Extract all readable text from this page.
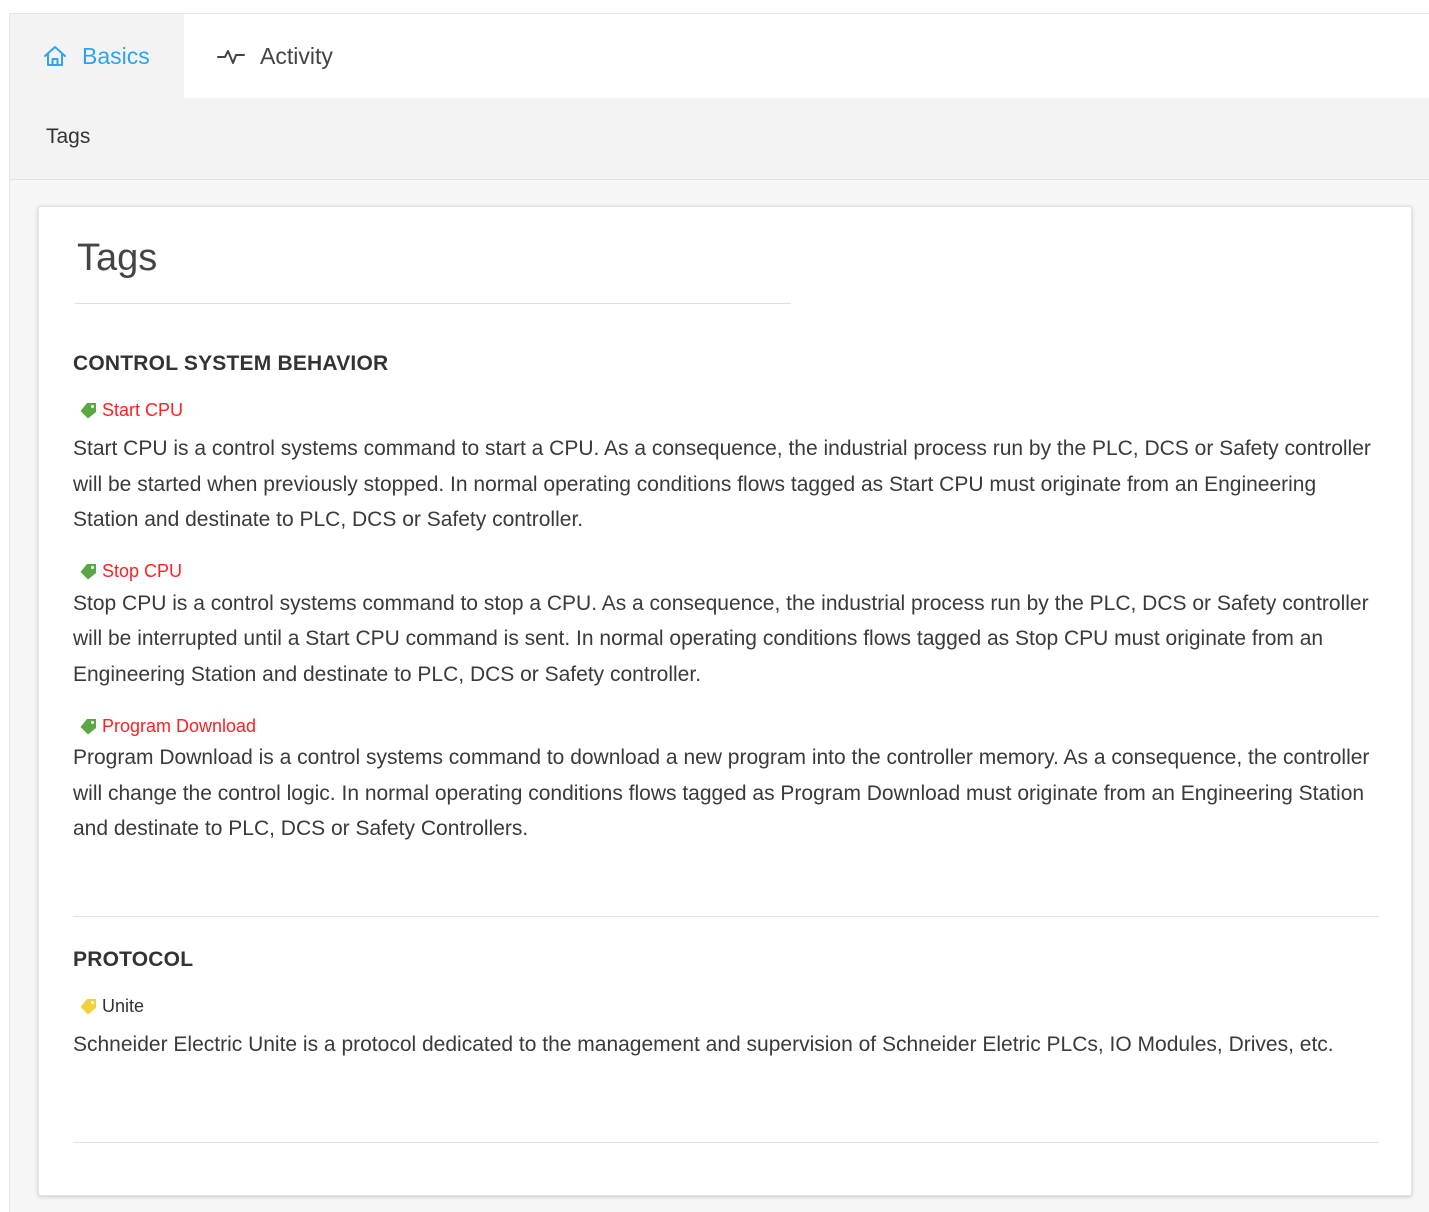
Basics	Activity
Tags
Tags
CONTROL SYSTEM BEHAVIOR
Start CPU

Start CPU is a control systems command to start a CPU. As a consequence, the industrial process run by the PLC, DCS or Safety controller will be started when previously stopped. In normal operating conditions flows tagged as Start CPU must originate from an Engineering Station and destinate to PLC, DCS or Safety controller.

Stop CPU

Stop CPU is a control systems command to stop a CPU. As a consequence, the industrial process run by the PLC, DCS or Safety controller will be interrupted until a Start CPU command is sent. In normal operating conditions flows tagged as Stop CPU must originate from an Engineering Station and destinate to PLC, DCS or Safety controller.

Program Download

Program Download is a control systems command to download a new program into the controller memory. As a consequence, the controller will change the control logic. In normal operating conditions flows tagged as Program Download must originate from an Engineering Station and destinate to PLC, DCS or Safety Controllers.

PROTOCOL
Unite

Schneider Electric Unite is a protocol dedicated to the management and supervision of Schneider Eletric PLCs, IO Modules, Drives, etc.
